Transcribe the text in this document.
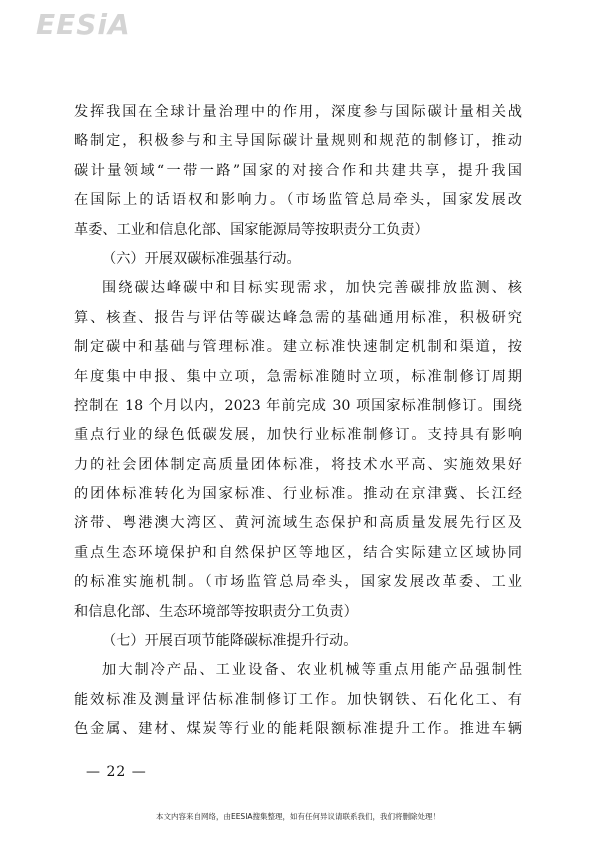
EESiA
发挥我国在全球计量治理中的作用，深度参与国际碳计量相关战
略制定，积极参与和主导国际碳计量规则和规范的制修订，推动
碳计量领域“一带一路”国家的对接合作和共建共享，提升我国
在国际上的话语权和影响力。（市场监管总局牵头，国家发展改
革委、工业和信息化部、国家能源局等按职责分工负责）
（六）开展双碳标准强基行动。
围绕碳达峰碳中和目标实现需求，加快完善碳排放监测、核
算、核查、报告与评估等碳达峰急需的基础通用标准，积极研究
制定碳中和基础与管理标准。建立标准快速制定机制和渠道，按
年度集中申报、集中立项，急需标准随时立项，标准制修订周期
控制在 18 个月以内，2023 年前完成 30 项国家标准制修订。围绕
重点行业的绿色低碳发展，加快行业标准制修订。支持具有影响
力的社会团体制定高质量团体标准，将技术水平高、实施效果好
的团体标准转化为国家标准、行业标准。推动在京津冀、长江经
济带、粤港澳大湾区、黄河流域生态保护和高质量发展先行区及
重点生态环境保护和自然保护区等地区，结合实际建立区域协同
的标准实施机制。（市场监管总局牵头，国家发展改革委、工业
和信息化部、生态环境部等按职责分工负责）
（七）开展百项节能降碳标准提升行动。
加大制冷产品、工业设备、农业机械等重点用能产品强制性
能效标准及测量评估标准制修订工作。加快钢铁、石化化工、有
色金属、建材、煤炭等行业的能耗限额标准提升工作。推进车辆
— 22 —
本文内容来自网络，由EESIA搜集整理，如有任何异议请联系我们，我们将删除处理！
